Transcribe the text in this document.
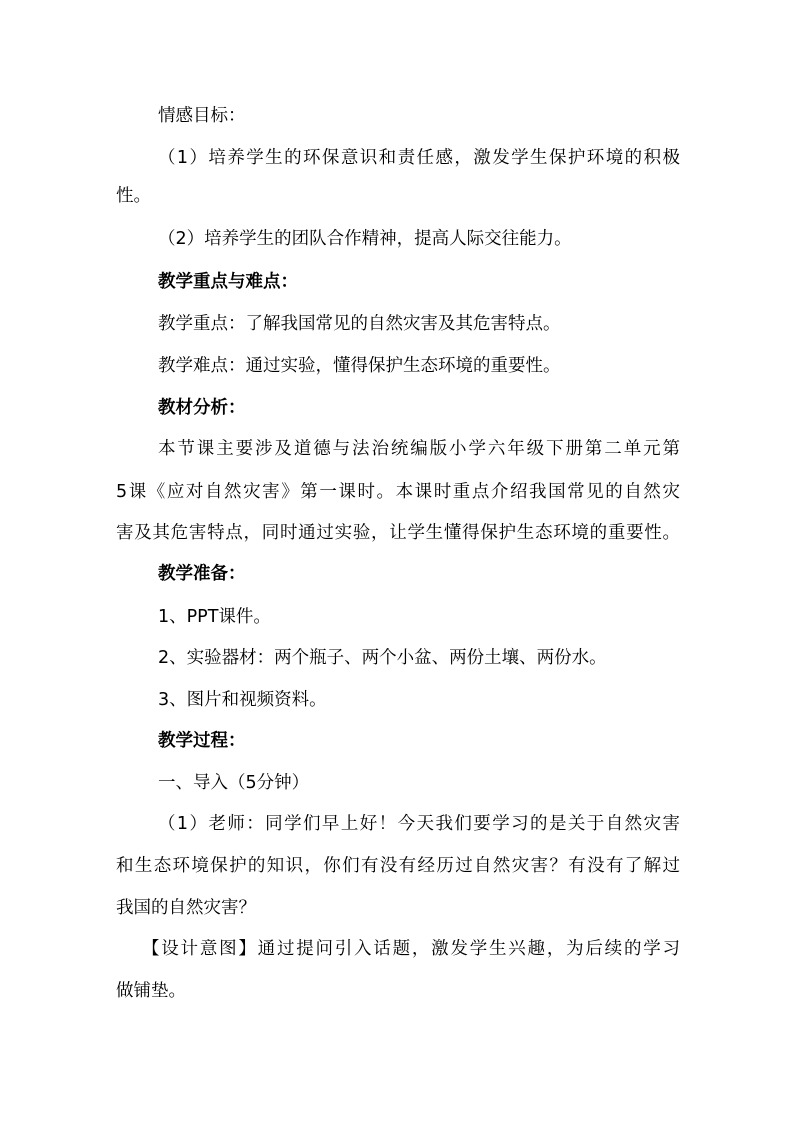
情感目标：
（1）培养学生的环保意识和责任感，激发学生保护环境的积极
性。
（2）培养学生的团队合作精神，提高人际交往能力。
教学重点与难点：
教学重点：了解我国常见的自然灾害及其危害特点。
教学难点：通过实验，懂得保护生态环境的重要性。
教材分析：
本节课主要涉及道德与法治统编版小学六年级下册第二单元第
5课《应对自然灾害》第一课时。本课时重点介绍我国常见的自然灾
害及其危害特点，同时通过实验，让学生懂得保护生态环境的重要性。
教学准备：
1、PPT课件。
2、实验器材：两个瓶子、两个小盆、两份土壤、两份水。
3、图片和视频资料。
教学过程：
一、导入（5分钟）
（1）老师：同学们早上好！今天我们要学习的是关于自然灾害
和生态环境保护的知识，你们有没有经历过自然灾害？有没有了解过
我国的自然灾害？
【设计意图】通过提问引入话题，激发学生兴趣，为后续的学习
做铺垫。
